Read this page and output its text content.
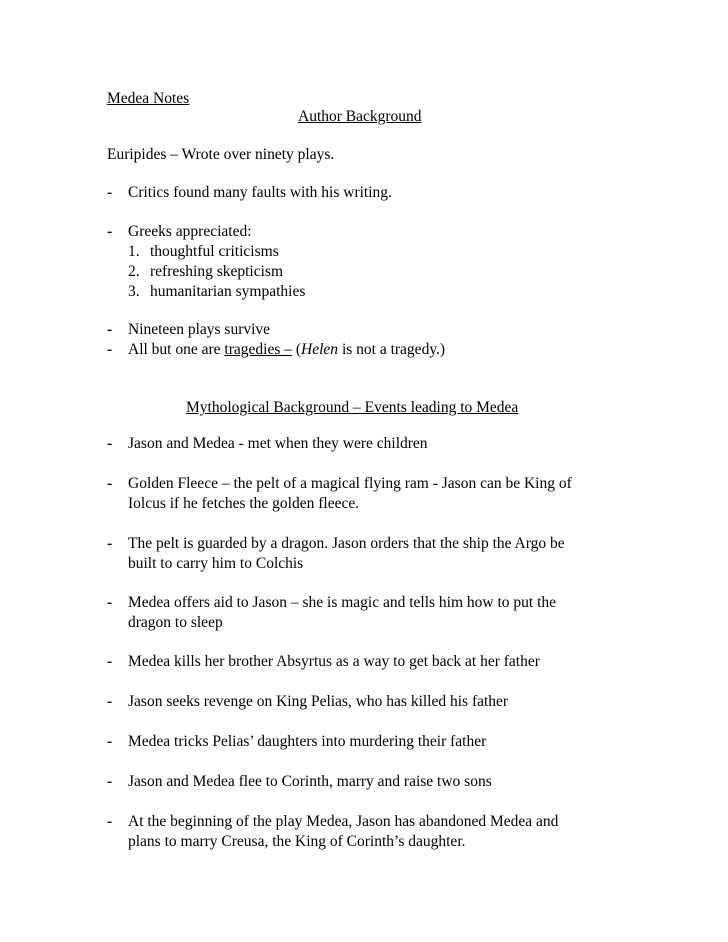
Medea Notes
Author Background
Euripides – Wrote over ninety plays.
- Critics found many faults with his writing.
- Greeks appreciated:
1. thoughtful criticisms
2. refreshing skepticism
3. humanitarian sympathies
- Nineteen plays survive
- All but one are tragedies – (Helen is not a tragedy.)
Mythological Background – Events leading to Medea
- Jason and Medea - met when they were children
- Golden Fleece – the pelt of a magical flying ram - Jason can be King of
Iolcus if he fetches the golden fleece.
- The pelt is guarded by a dragon. Jason orders that the ship the Argo be
built to carry him to Colchis
- Medea offers aid to Jason – she is magic and tells him how to put the
dragon to sleep
- Medea kills her brother Absyrtus as a way to get back at her father
- Jason seeks revenge on King Pelias, who has killed his father
- Medea tricks Pelias’ daughters into murdering their father
- Jason and Medea flee to Corinth, marry and raise two sons
- At the beginning of the play Medea, Jason has abandoned Medea and
plans to marry Creusa, the King of Corinth’s daughter.
